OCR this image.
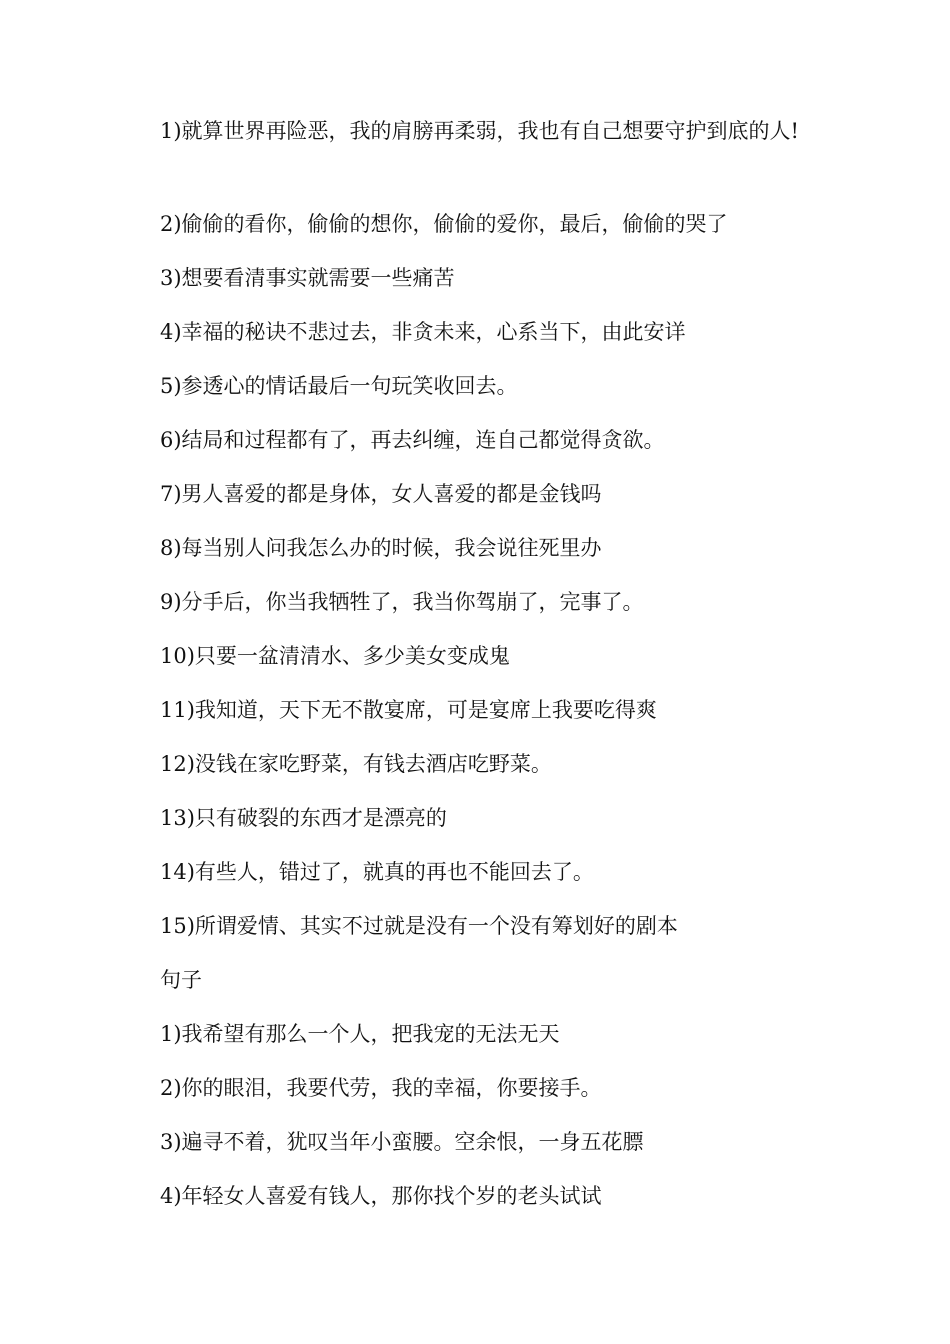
1)就算世界再险恶，我的肩膀再柔弱，我也有自己想要守护到底的人!

2)偷偷的看你，偷偷的想你，偷偷的爱你，最后，偷偷的哭了

3)想要看清事实就需要一些痛苦

4)幸福的秘诀不悲过去，非贪未来，心系当下，由此安详

5)参透心的情话最后一句玩笑收回去。

6)结局和过程都有了，再去纠缠，连自己都觉得贪欲。

7)男人喜爱的都是身体，女人喜爱的都是金钱吗

8)每当别人问我怎么办的时候，我会说往死里办

9)分手后，你当我牺牲了，我当你驾崩了，完事了。

10)只要一盆清清水、多少美女变成鬼

11)我知道，天下无不散宴席，可是宴席上我要吃得爽

12)没钱在家吃野菜，有钱去酒店吃野菜。

13)只有破裂的东西才是漂亮的

14)有些人，错过了，就真的再也不能回去了。

15)所谓爱情、其实不过就是没有一个没有筹划好的剧本

句子

1)我希望有那么一个人，把我宠的无法无天

2)你的眼泪，我要代劳，我的幸福，你要接手。

3)遍寻不着，犹叹当年小蛮腰。空余恨，一身五花膘

4)年轻女人喜爱有钱人，那你找个岁的老头试试
